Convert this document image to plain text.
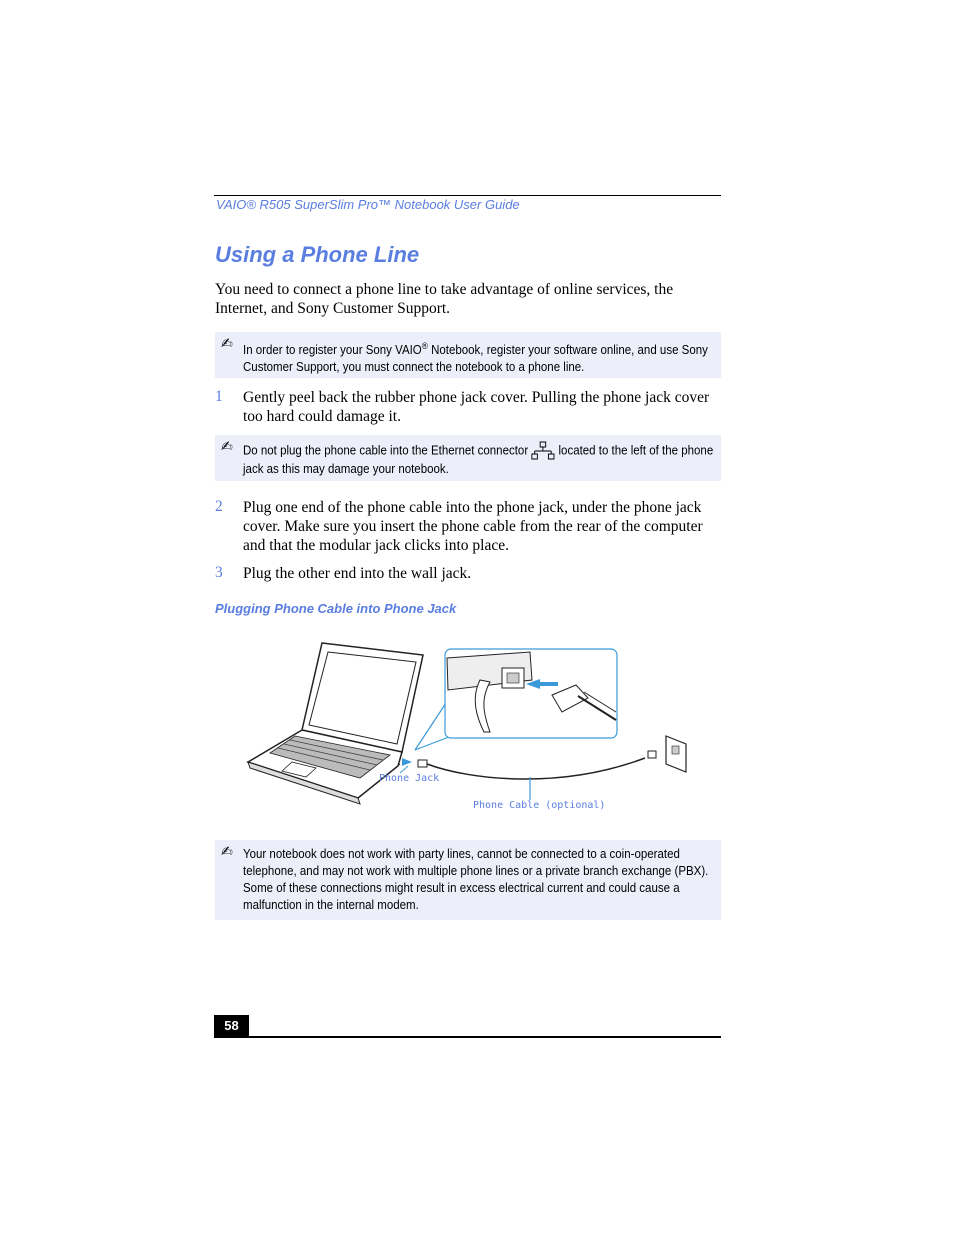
VAIO® R505 SuperSlim Pro™ Notebook User Guide
Using a Phone Line
You need to connect a phone line to take advantage of online services, the Internet, and Sony Customer Support.
✍ In order to register your Sony VAIO® Notebook, register your software online, and use Sony Customer Support, you must connect the notebook to a phone line.
1 Gently peel back the rubber phone jack cover. Pulling the phone jack cover too hard could damage it.
✍ Do not plug the phone cable into the Ethernet connector located to the left of the phone jack as this may damage your notebook.
2 Plug one end of the phone cable into the phone jack, under the phone jack cover. Make sure you insert the phone cable from the rear of the computer and that the modular jack clicks into place.
3 Plug the other end into the wall jack.
Plugging Phone Cable into Phone Jack
Phone Jack
Phone Cable (optional)
✍ Your notebook does not work with party lines, cannot be connected to a coin-operated telephone, and may not work with multiple phone lines or a private branch exchange (PBX). Some of these connections might result in excess electrical current and could cause a malfunction in the internal modem.
58
